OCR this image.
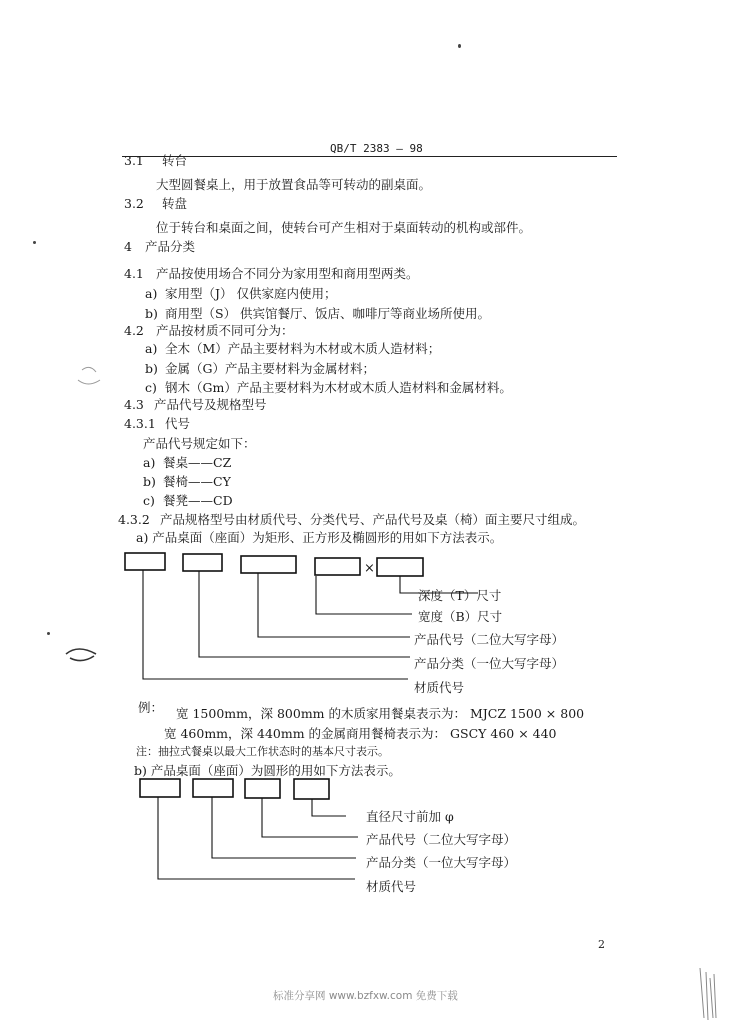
QB/T 2383 — 98
3.1 转台
大型圆餐桌上，用于放置食品等可转动的副桌面。
3.2 转盘
位于转台和桌面之间，使转台可产生相对于桌面转动的机构或部件。
4 产品分类
4.1 产品按使用场合不同分为家用型和商用型两类。
a) 家用型（J） 仅供家庭内使用；
b) 商用型（S） 供宾馆餐厅、饭店、咖啡厅等商业场所使用。
4.2 产品按材质不同可分为：
a) 全木（M）产品主要材料为木材或木质人造材料；
b) 金属（G）产品主要材料为金属材料；
c) 钢木（Gm）产品主要材料为木材或木质人造材料和金属材料。
4.3 产品代号及规格型号
4.3.1 代号
产品代号规定如下：
a) 餐桌——CZ
b) 餐椅——CY
c) 餐凳——CD
4.3.2 产品规格型号由材质代号、分类代号、产品代号及桌（椅）面主要尺寸组成。
a) 产品桌面（座面）为矩形、正方形及椭圆形的用如下方法表示。
×
深度（T）尺寸
宽度（B）尺寸
产品代号（二位大写字母）
产品分类（一位大写字母）
材质代号
例： 宽 1500mm，深 800mm 的木质家用餐桌表示为： MJCZ 1500 × 800
宽 460mm，深 440mm 的金属商用餐椅表示为： GSCY 460 × 440
注：抽拉式餐桌以最大工作状态时的基本尺寸表示。
b) 产品桌面（座面）为圆形的用如下方法表示。
直径尺寸前加 φ
产品代号（二位大写字母）
产品分类（一位大写字母）
材质代号
2
标准分享网 www.bzfxw.com 免费下载
